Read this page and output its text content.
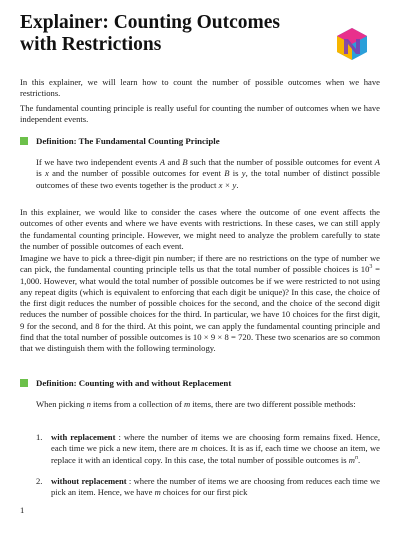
Explainer: Counting Outcomes with Restrictions

In this explainer, we will learn how to count the number of possible outcomes when we have restrictions.

The fundamental counting principle is really useful for counting the number of outcomes when we have independent events.

Definition: The Fundamental Counting Principle

If we have two independent events A and B such that the number of possible outcomes for event A is x and the number of possible outcomes for event B is y, the total number of distinct possible outcomes of these two events together is the product x × y.

In this explainer, we would like to consider the cases where the outcome of one event affects the outcomes of other events and where we have events with restrictions. In these cases, we can still apply the fundamental counting principle. However, we might need to analyze the problem carefully to state the number of possible outcomes of each event.

Imagine we have to pick a three-digit pin number; if there are no restrictions on the type of number we can pick, the fundamental counting principle tells us that the total number of possible choices is $10^3 = 1,000$. However, what would the total number of possible outcomes be if we were restricted to not using any repeat digits (which is equivalent to enforcing that each digit be unique)? In this case, the choice of the first digit reduces the number of possible choices for the second, and the choice of the second digit reduces the number of possible choices for the third. In particular, we have 10 choices for the first digit, 9 for the second, and 8 for the third. At this point, we can apply the fundamental counting principle and find that the total number of possible outcomes is 10 × 9 × 8 = 720. These two scenarios are so common that we distinguish them with the following terminology.

Definition: Counting with and without Replacement

When picking n items from a collection of m items, there are two different possible methods:

1. with replacement : where the number of items we are choosing form remains fixed. Hence, each time we pick a new item, there are m choices. It is as if, each time we choose an item, we replace it with an identical copy. In this case, the total number of possible outcomes is $m^n$.
2. without replacement : where the number of items we are choosing from reduces each time we pick an item. Hence, we have m choices for our first pick
1
